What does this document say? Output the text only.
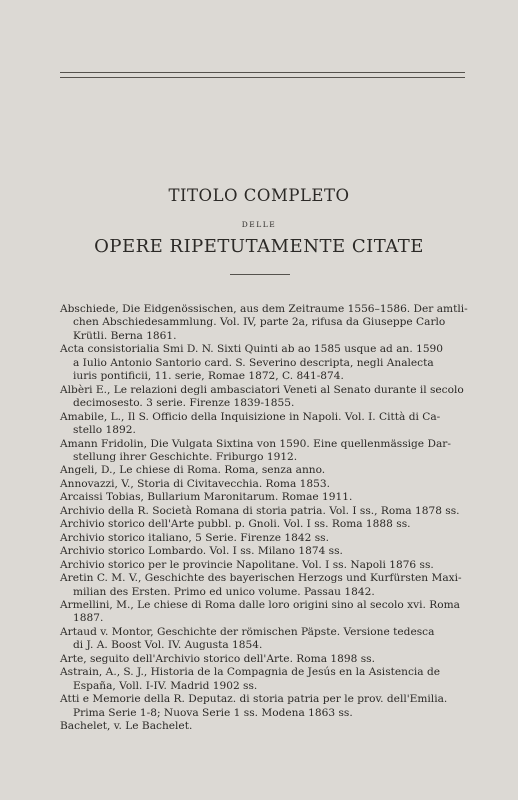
TITOLO COMPLETO
DELLE
OPERE RIPETUTAMENTE CITATE
Abschiede, Die Eidgenössischen, aus dem Zeitraume 1556–1586. Der amtli-
chen Abschiedesammlung. Vol. IV, parte 2a, rifusa da Giuseppe Carlo
Krütli. Berna 1861.
Acta consistorialia Smi D. N. Sixti Quinti ab ao 1585 usque ad an. 1590
a Iulio Antonio Santorio card. S. Severino descripta, negli Analecta
iuris pontificii, 11. serie, Romae 1872, C. 841-874.
Albèri E., Le relazioni degli ambasciatori Veneti al Senato durante il secolo
decimosesto. 3 serie. Firenze 1839-1855.
Amabile, L., Il S. Officio della Inquisizione in Napoli. Vol. I. Città di Ca-
stello 1892.
Amann Fridolin, Die Vulgata Sixtina von 1590. Eine quellenmässige Dar-
stellung ihrer Geschichte. Friburgo 1912.
Angeli, D., Le chiese di Roma. Roma, senza anno.
Annovazzi, V., Storia di Civitavecchia. Roma 1853.
Arcaissi Tobias, Bullarium Maronitarum. Romae 1911.
Archivio della R. Società Romana di storia patria. Vol. I ss., Roma 1878 ss.
Archivio storico dell'Arte pubbl. p. Gnoli. Vol. I ss. Roma 1888 ss.
Archivio storico italiano, 5 Serie. Firenze 1842 ss.
Archivio storico Lombardo. Vol. I ss. Milano 1874 ss.
Archivio storico per le provincie Napolitane. Vol. I ss. Napoli 1876 ss.
Aretin C. M. V., Geschichte des bayerischen Herzogs und Kurfürsten Maxi-
milian des Ersten. Primo ed unico volume. Passau 1842.
Armellini, M., Le chiese di Roma dalle loro origini sino al secolo xvi. Roma
1887.
Artaud v. Montor, Geschichte der römischen Päpste. Versione tedesca
di J. A. Boost Vol. IV. Augusta 1854.
Arte, seguito dell'Archivio storico dell'Arte. Roma 1898 ss.
Astrain, A., S. J., Historia de la Compagnia de Jesús en la Asistencia de
España, Voll. I-IV. Madrid 1902 ss.
Atti e Memorie della R. Deputaz. di storia patria per le prov. dell'Emilia.
Prima Serie 1-8; Nuova Serie 1 ss. Modena 1863 ss.
Bachelet, v. Le Bachelet.
